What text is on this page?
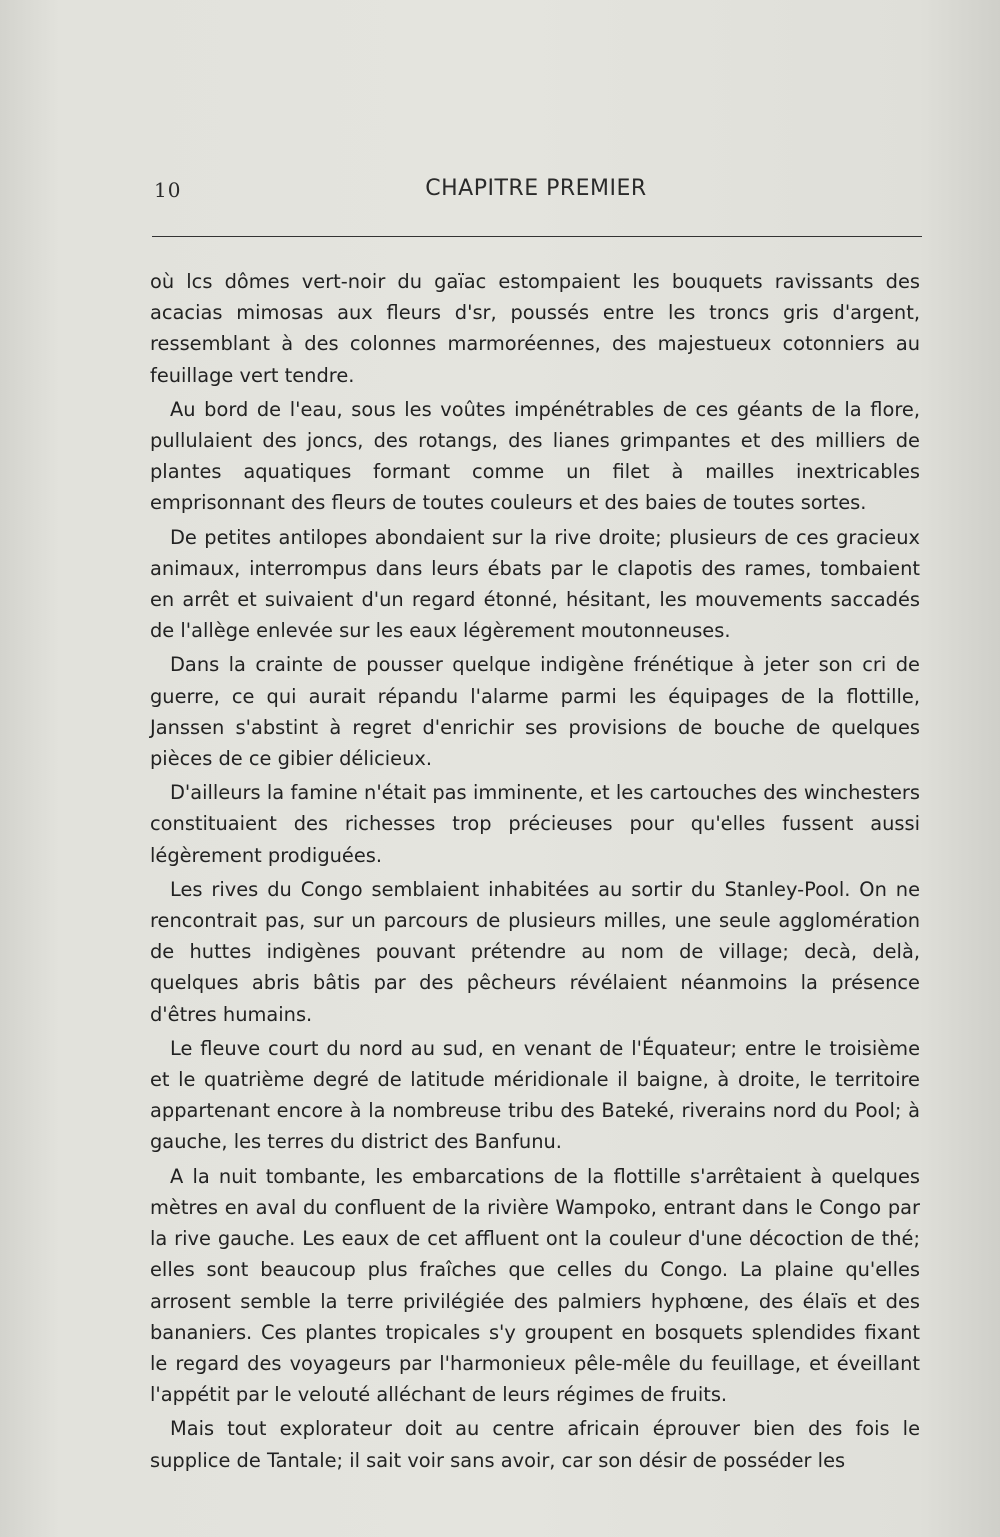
10	CHAPITRE PREMIER

où lcs dômes vert-noir du gaïac estompaient les bouquets ravissants des acacias mimosas aux fleurs d'sr, poussés entre les troncs gris d'argent, ressemblant à des colonnes marmoréennes, des majestueux cotonniers au feuillage vert tendre.

Au bord de l'eau, sous les voûtes impénétrables de ces géants de la flore, pullulaient des joncs, des rotangs, des lianes grimpantes et des milliers de plantes aquatiques formant comme un filet à mailles inextricables emprisonnant des fleurs de toutes couleurs et des baies de toutes sortes.

De petites antilopes abondaient sur la rive droite; plusieurs de ces gracieux animaux, interrompus dans leurs ébats par le clapotis des rames, tombaient en arrêt et suivaient d'un regard étonné, hésitant, les mouvements saccadés de l'allège enlevée sur les eaux légèrement moutonneuses.

Dans la crainte de pousser quelque indigène frénétique à jeter son cri de guerre, ce qui aurait répandu l'alarme parmi les équipages de la flottille, Janssen s'abstint à regret d'enrichir ses provisions de bouche de quelques pièces de ce gibier délicieux.

D'ailleurs la famine n'était pas imminente, et les cartouches des winchesters constituaient des richesses trop précieuses pour qu'elles fussent aussi légèrement prodiguées.

Les rives du Congo semblaient inhabitées au sortir du Stanley-Pool. On ne rencontrait pas, sur un parcours de plusieurs milles, une seule agglomération de huttes indigènes pouvant prétendre au nom de village; decà, delà, quelques abris bâtis par des pêcheurs révélaient néanmoins la présence d'êtres humains.

Le fleuve court du nord au sud, en venant de l'Équateur; entre le troisième et le quatrième degré de latitude méridionale il baigne, à droite, le territoire appartenant encore à la nombreuse tribu des Bateké, riverains nord du Pool; à gauche, les terres du district des Banfunu.

A la nuit tombante, les embarcations de la flottille s'arrêtaient à quelques mètres en aval du confluent de la rivière Wampoko, entrant dans le Congo par la rive gauche. Les eaux de cet affluent ont la couleur d'une décoction de thé; elles sont beaucoup plus fraîches que celles du Congo. La plaine qu'elles arrosent semble la terre privilégiée des palmiers hyphœne, des élaïs et des bananiers. Ces plantes tropicales s'y groupent en bosquets splendides fixant le regard des voyageurs par l'harmonieux pêle-mêle du feuillage, et éveillant l'appétit par le velouté alléchant de leurs régimes de fruits.

Mais tout explorateur doit au centre africain éprouver bien des fois le supplice de Tantale; il sait voir sans avoir, car son désir de posséder les
